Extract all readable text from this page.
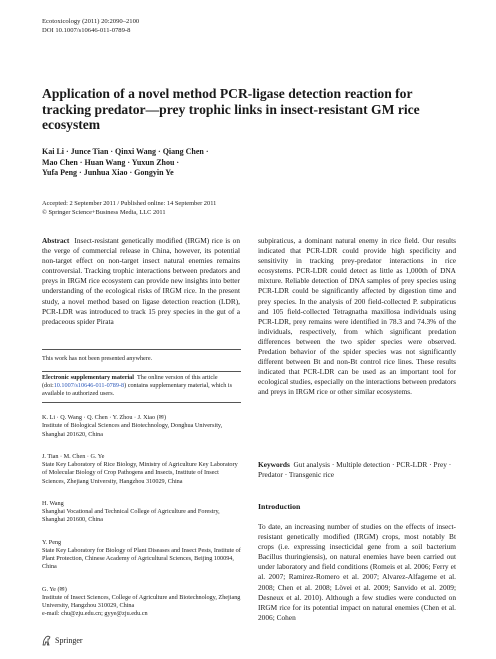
Ecotoxicology (2011) 20:2090–2100
DOI 10.1007/s10646-011-0789-8
Application of a novel method PCR-ligase detection reaction for tracking predator—prey trophic links in insect-resistant GM rice ecosystem
Kai Li · Junce Tian · Qinxi Wang · Qiang Chen ·
Mao Chen · Huan Wang · Yuxun Zhou ·
Yufa Peng · Junhua Xiao · Gongyin Ye
Accepted: 2 September 2011 / Published online: 14 September 2011
© Springer Science+Business Media, LLC 2011

Abstract Insect-resistant genetically modified (IRGM) rice is on the verge of commercial release in China, however, its potential non-target effect on non-target insect natural enemies remains controversial. Tracking trophic interactions between predators and preys in IRGM rice ecosystem can provide new insights into better understanding of the ecological risks of IRGM rice. In the present study, a novel method based on ligase detection reaction (LDR), PCR-LDR was introduced to track 15 prey species in the gut of a predaceous spider Pirata

This work has not been presented anywhere.
Electronic supplementary material The online version of this article (doi:10.1007/s10646-011-0789-8) contains supplementary material, which is available to authorized users.

K. Li · Q. Wang · Q. Chen · Y. Zhou · J. Xiao (✉)
Institute of Biological Sciences and Biotechnology, Donghua University, Shanghai 201620, China

J. Tian · M. Chen · G. Ye
State Key Laboratory of Rice Biology, Ministry of Agriculture Key Laboratory of Molecular Biology of Crop Pathogens and Insects, Institute of Insect Sciences, Zhejiang University, Hangzhou 310029, China

H. Wang
Shanghai Vocational and Technical College of Agriculture and Forestry, Shanghai 201600, China

Y. Peng
State Key Laboratory for Biology of Plant Diseases and Insect Pests, Institute of Plant Protection, Chinese Academy of Agricultural Sciences, Beijing 100094, China

G. Ye (✉)
Institute of Insect Sciences, College of Agriculture and Biotechnology, Zhejiang University, Hangzhou 310029, China
e-mail: chu@zju.edu.cn; gyye@zju.edu.cn

subpiraticus, a dominant natural enemy in rice field. Our results indicated that PCR-LDR could provide high specificity and sensitivity in tracking prey-predator interactions in rice ecosystems. PCR-LDR could detect as little as 1,000th of DNA mixture. Reliable detection of DNA samples of prey species using PCR-LDR could be significantly affected by digestion time and prey species. In the analysis of 200 field-collected P. subpiraticus and 105 field-collected Tetragnatha maxillosa individuals using PCR-LDR, prey remains were identified in 78.3 and 74.3% of the individuals, respectively, from which significant predation differences between the two spider species were observed. Predation behavior of the spider species was not significantly different between Bt and non-Bt control rice lines. These results indicated that PCR-LDR can be used as an important tool for ecological studies, especially on the interactions between predators and preys in IRGM rice or other similar ecosystems.

Keywords Gut analysis · Multiple detection · PCR-LDR · Prey · Predator · Transgenic rice
Introduction
To date, an increasing number of studies on the effects of insect-resistant genetically modified (IRGM) crops, most notably Bt crops (i.e. expressing insecticidal gene from a soil bacterium Bacillus thuringiensis), on natural enemies have been carried out under laboratory and field conditions (Romeis et al. 2006; Ferry et al. 2007; Ramirez-Romero et al. 2007; Alvarez-Alfageme et al. 2008; Chen et al. 2008; Lövei et al. 2009; Sanvido et al. 2009; Desneux et al. 2010). Although a few studies were conducted on IRGM rice for its potential impact on natural enemies (Chen et al. 2006; Cohen
Springer
